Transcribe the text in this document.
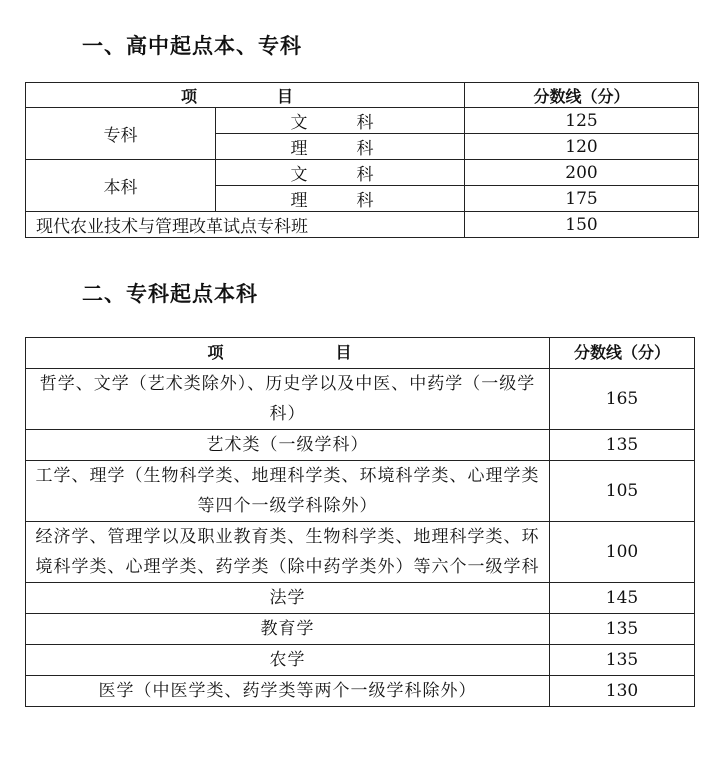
一、高中起点本、专科
项　　目		分数线（分）
专科	文　科	125
	理　科	120
本科	文　科	200
	理　科	175
现代农业技术与管理改革试点专科班		150
二、专科起点本科
项　　　目	分数线（分）
哲学、文学（艺术类除外）、历史学以及中医、中药学（一级学科）	165
艺术类（一级学科）	135
工学、理学（生物科学类、地理科学类、环境科学类、心理学类等四个一级学科除外）	105
经济学、管理学以及职业教育类、生物科学类、地理科学类、环境科学类、心理学类、药学类（除中药学类外）等六个一级学科	100
法学	145
教育学	135
农学	135
医学（中医学类、药学类等两个一级学科除外）	130
